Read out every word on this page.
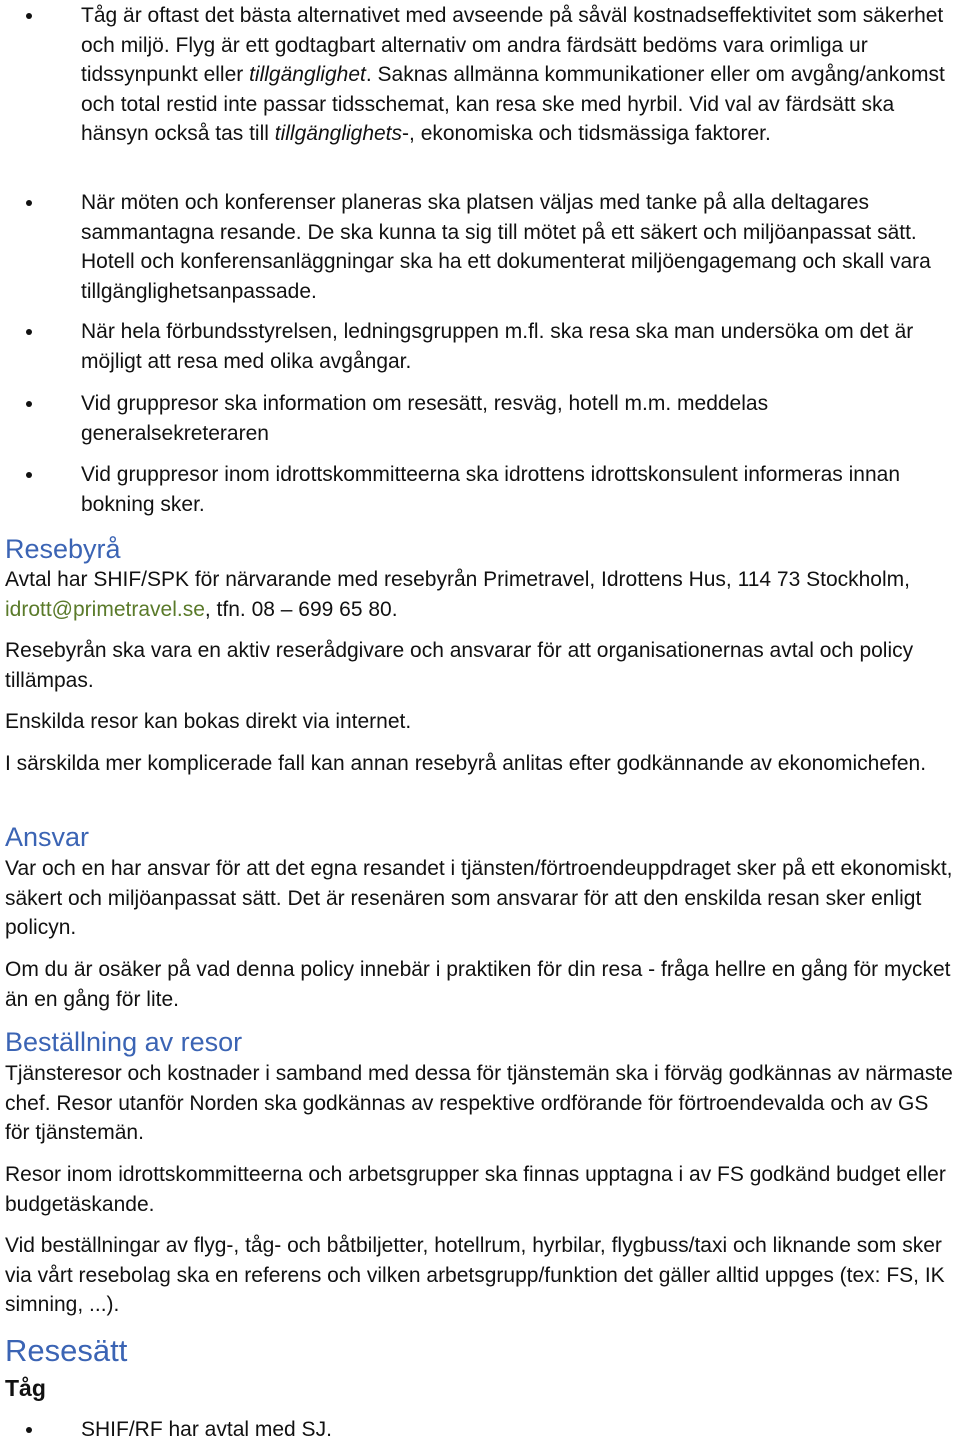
Tåg är oftast det bästa alternativet med avseende på såväl kostnadseffektivitet som säkerhet och miljö. Flyg är ett godtagbart alternativ om andra färdsätt bedöms vara orimliga ur tidssynpunkt eller tillgänglighet. Saknas allmänna kommunikationer eller om avgång/ankomst och total restid inte passar tidsschemat, kan resa ske med hyrbil. Vid val av färdsätt ska hänsyn också tas till tillgänglighets-, ekonomiska och tidsmässiga faktorer.
När möten och konferenser planeras ska platsen väljas med tanke på alla deltagares sammantagna resande. De ska kunna ta sig till mötet på ett säkert och miljöanpassat sätt. Hotell och konferensanläggningar ska ha ett dokumenterat miljöengagemang och skall vara tillgänglighetsanpassade.
När hela förbundsstyrelsen, ledningsgruppen m.fl. ska resa ska man undersöka om det är möjligt att resa med olika avgångar.
Vid gruppresor ska information om resesätt, resväg, hotell m.m. meddelas generalsekreteraren
Vid gruppresor inom idrottskommitteerna ska idrottens idrottskonsulent informeras innan bokning sker.
Resebyrå

Avtal har SHIF/SPK för närvarande med resebyrån Primetravel, Idrottens Hus, 114 73 Stockholm, idrott@primetravel.se, tfn. 08 – 699 65 80.

Resebyrån ska vara en aktiv reserådgivare och ansvarar för att organisationernas avtal och policy tillämpas.

Enskilda resor kan bokas direkt via internet.

I särskilda mer komplicerade fall kan annan resebyrå anlitas efter godkännande av ekonomichefen.

Ansvar

Var och en har ansvar för att det egna resandet i tjänsten/förtroendeuppdraget sker på ett ekonomiskt, säkert och miljöanpassat sätt. Det är resenären som ansvarar för att den enskilda resan sker enligt policyn.

Om du är osäker på vad denna policy innebär i praktiken för din resa - fråga hellre en gång för mycket än en gång för lite.

Beställning av resor

Tjänsteresor och kostnader i samband med dessa för tjänstemän ska i förväg godkännas av närmaste chef. Resor utanför Norden ska godkännas av respektive ordförande för förtroendevalda och av GS för tjänstemän.

Resor inom idrottskommitteerna och arbetsgrupper ska finnas upptagna i av FS godkänd budget eller budgetäskande.

Vid beställningar av flyg-, tåg- och båtbiljetter, hotellrum, hyrbilar, flygbuss/taxi och liknande som sker via vårt resebolag ska en referens och vilken arbetsgrupp/funktion det gäller alltid uppges (tex: FS, IK simning, ...).

Resesätt
Tåg
SHIF/RF har avtal med SJ.
